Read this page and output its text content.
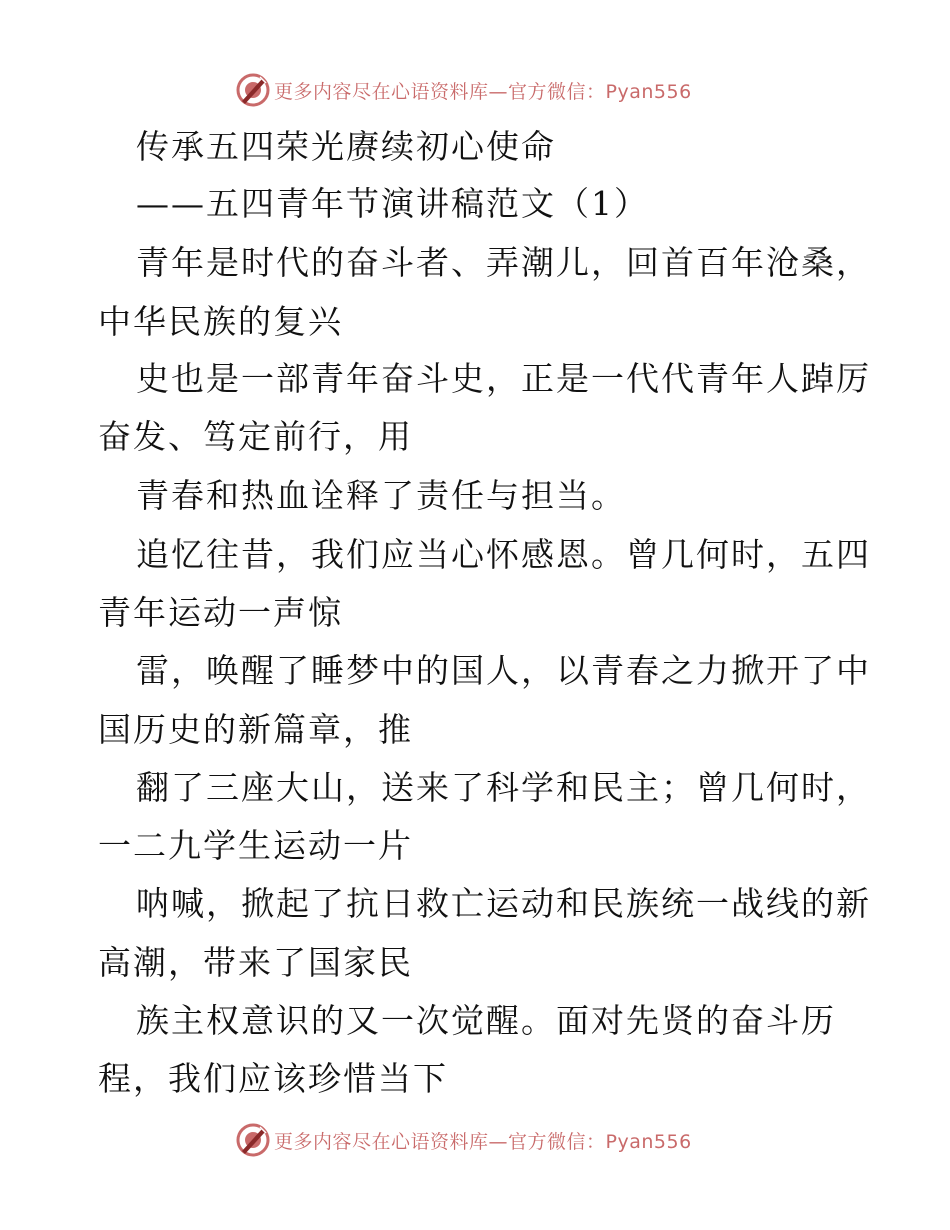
更多内容尽在心语资料库—官方微信：Pyan556
传承五四荣光赓续初心使命
——五四青年节演讲稿范文（1）
青年是时代的奋斗者、弄潮儿，回首百年沧桑，
中华民族的复兴
史也是一部青年奋斗史，正是一代代青年人踔厉
奋发、笃定前行，用
青春和热血诠释了责任与担当。
追忆往昔，我们应当心怀感恩。曾几何时，五四
青年运动一声惊
雷，唤醒了睡梦中的国人，以青春之力掀开了中
国历史的新篇章，推
翻了三座大山，送来了科学和民主；曾几何时，
一二九学生运动一片
呐喊，掀起了抗日救亡运动和民族统一战线的新
高潮，带来了国家民
族主权意识的又一次觉醒。面对先贤的奋斗历
程，我们应该珍惜当下
更多内容尽在心语资料库—官方微信：Pyan556
